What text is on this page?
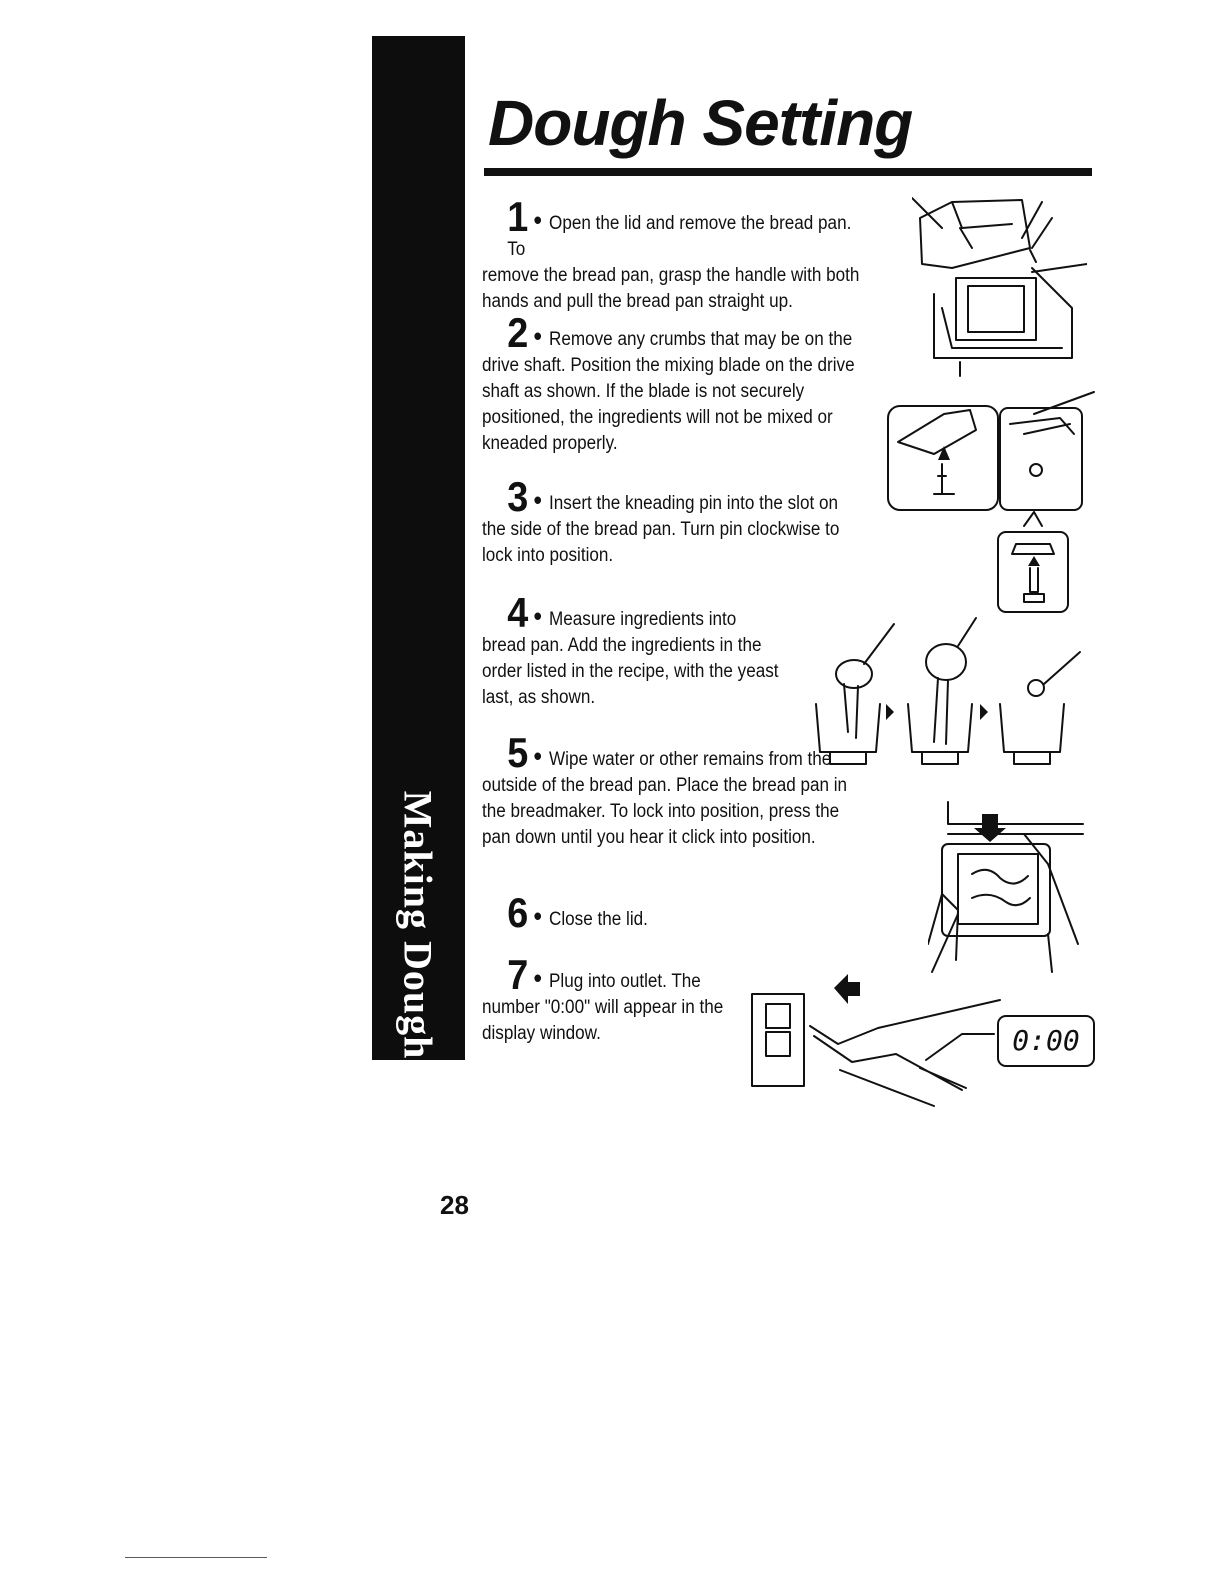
Making Dough
Dough Setting
1 • Open the lid and remove the bread pan. To remove the bread pan, grasp the handle with both hands and pull the bread pan straight up.
2 • Remove any crumbs that may be on the drive shaft. Position the mixing blade on the drive shaft as shown. If the blade is not securely positioned, the ingredients will not be mixed or kneaded properly.
3 • Insert the kneading pin into the slot on the side of the bread pan. Turn pin clockwise to lock into position.
4 • Measure ingredients into bread pan. Add the ingredients in the order listed in the recipe, with the yeast last, as shown.
5 • Wipe water or other remains from the outside of the bread pan. Place the bread pan in the breadmaker. To lock into position, press the pan down until you hear it click into position.
6 • Close the lid.
7 • Plug into outlet. The number "0:00" will appear in the display window.	0:00
28
